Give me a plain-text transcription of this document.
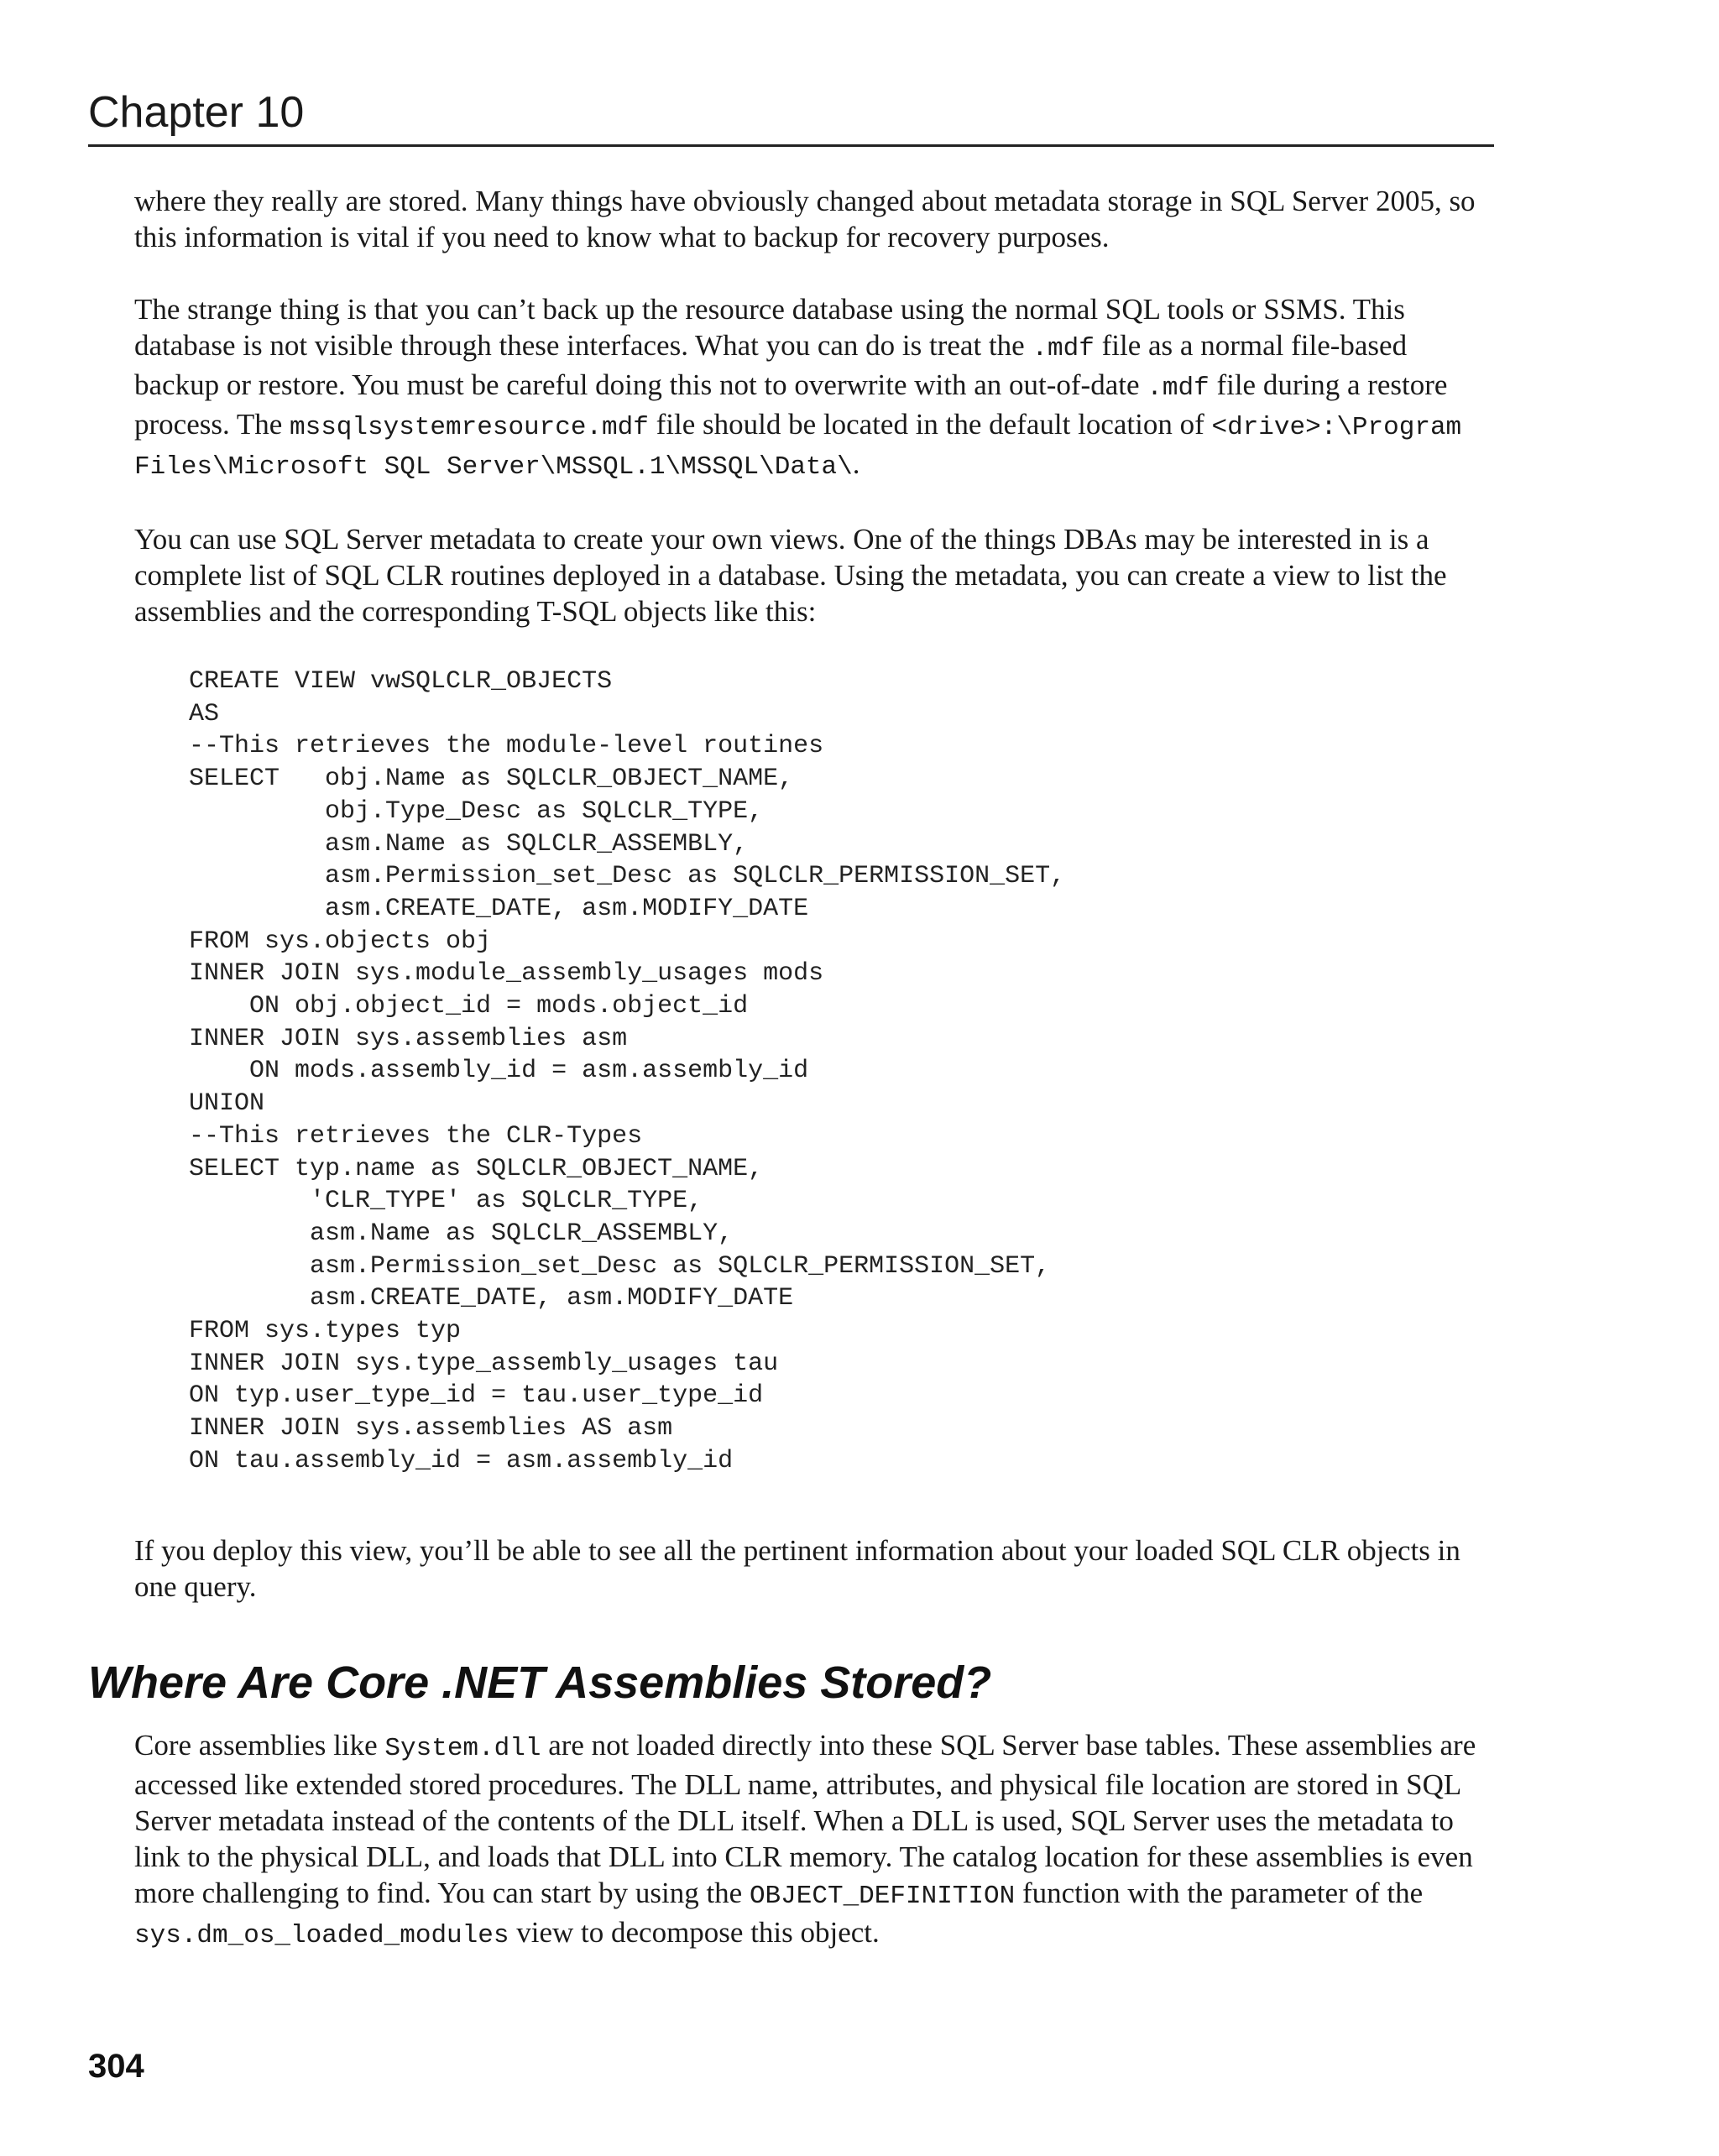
Chapter 10

where they really are stored. Many things have obviously changed about metadata storage in SQL Server 2005, so this information is vital if you need to know what to backup for recovery purposes.

The strange thing is that you can’t back up the resource database using the normal SQL tools or SSMS. This database is not visible through these interfaces. What you can do is treat the .mdf file as a normal file-based backup or restore. You must be careful doing this not to overwrite with an out-of-date .mdf file during a restore process. The mssqlsystemresource.mdf file should be located in the default location of <drive>:\Program Files\Microsoft SQL Server\MSSQL.1\MSSQL\Data\.

You can use SQL Server metadata to create your own views. One of the things DBAs may be interested in is a complete list of SQL CLR routines deployed in a database. Using the metadata, you can create a view to list the assemblies and the corresponding T-SQL objects like this:

CREATE VIEW vwSQLCLR_OBJECTS
AS
--This retrieves the module-level routines
SELECT   obj.Name as SQLCLR_OBJECT_NAME,
obj.Type_Desc as SQLCLR_TYPE,
asm.Name as SQLCLR_ASSEMBLY,
asm.Permission_set_Desc as SQLCLR_PERMISSION_SET,
asm.CREATE_DATE, asm.MODIFY_DATE
FROM sys.objects obj
INNER JOIN sys.module_assembly_usages mods
ON obj.object_id = mods.object_id
INNER JOIN sys.assemblies asm
ON mods.assembly_id = asm.assembly_id
UNION
--This retrieves the CLR-Types
SELECT typ.name as SQLCLR_OBJECT_NAME,
'CLR_TYPE' as SQLCLR_TYPE,
asm.Name as SQLCLR_ASSEMBLY,
asm.Permission_set_Desc as SQLCLR_PERMISSION_SET,
asm.CREATE_DATE, asm.MODIFY_DATE
FROM sys.types typ
INNER JOIN sys.type_assembly_usages tau
ON typ.user_type_id = tau.user_type_id
INNER JOIN sys.assemblies AS asm
ON tau.assembly_id = asm.assembly_id

If you deploy this view, you’ll be able to see all the pertinent information about your loaded SQL CLR objects in one query.

Where Are Core .NET Assemblies Stored?

Core assemblies like System.dll are not loaded directly into these SQL Server base tables. These assemblies are accessed like extended stored procedures. The DLL name, attributes, and physical file location are stored in SQL Server metadata instead of the contents of the DLL itself. When a DLL is used, SQL Server uses the metadata to link to the physical DLL, and loads that DLL into CLR memory. The catalog location for these assemblies is even more challenging to find. You can start by using the OBJECT_DEFINITION function with the parameter of the sys.dm_os_loaded_modules view to decompose this object.

304
